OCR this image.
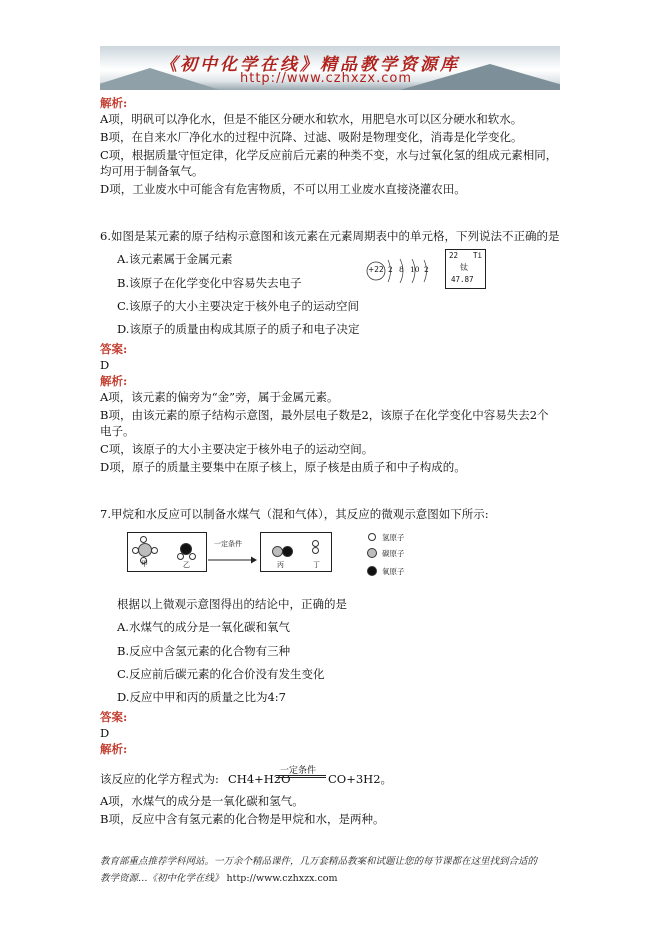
《初中化学在线》精品教学资源库
http://www.czhxzx.com
解析:
A项，明矾可以净化水，但是不能区分硬水和软水，用肥皂水可以区分硬水和软水。
B项，在自来水厂净化水的过程中沉降、过滤、吸附是物理变化，消毒是化学变化。
C项，根据质量守恒定律，化学反应前后元素的种类不变，水与过氧化氢的组成元素相同，
均可用于制备氧气。
D项，工业废水中可能含有危害物质，不可以用工业废水直接浇灌农田。
6.如图是某元素的原子结构示意图和该元素在元素周期表中的单元格，下列说法不正确的是
A.该元素属于金属元素
B.该原子在化学变化中容易失去电子
C.该原子的大小主要决定于核外电子的运动空间
D.该原子的质量由构成其原子的质子和电子决定
+22 2 8 10 2
22 Ti
钛
47.87
答案:
D
解析:
A项，该元素的偏旁为“金”旁，属于金属元素。
B项，由该元素的原子结构示意图，最外层电子数是2，该原子在化学变化中容易失去2个
电子。
C项，该原子的大小主要决定于核外电子的运动空间。
D项，原子的质量主要集中在原子核上，原子核是由质子和中子构成的。
7.甲烷和水反应可以制备水煤气（混和气体），其反应的微观示意图如下所示:
甲	乙
一定条件
丙	丁
氢原子
碳原子
氧原子
根据以上微观示意图得出的结论中，正确的是
A.水煤气的成分是一氧化碳和氧气
B.反应中含氢元素的化合物有三种
C.反应前后碳元素的化合价没有发生变化
D.反应中甲和丙的质量之比为4:7
答案:
D
解析:
该反应的化学方程式为: CH4+H2O
一定条件
CO+3H2。
A项，水煤气的成分是一氧化碳和氢气。
B项，反应中含有氢元素的化合物是甲烷和水，是两种。
教育部重点推荐学科网站。一万余个精品课件，几万套精品教案和试题让您的每节课都在这里找到合适的
教学资源…《初中化学在线》 http://www.czhxzx.com
